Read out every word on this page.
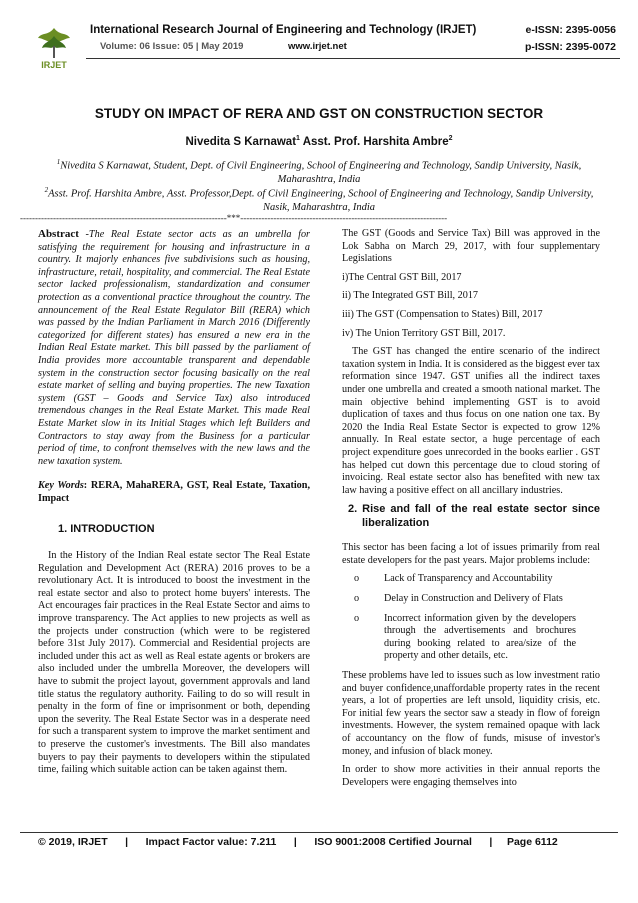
IRJET
International Research Journal of Engineering and Technology (IRJET)	e-ISSN: 2395-0056
Volume: 06 Issue: 05 | May 2019	www.irjet.net	p-ISSN: 2395-0072
STUDY ON IMPACT OF RERA AND GST ON CONSTRUCTION SECTOR
Nivedita S Karnawat$^1$ Asst. Prof. Harshita Ambre$^2$
$^1$Nivedita S Karnawat, Student, Dept. of Civil Engineering, School of Engineering and Technology, Sandip University, Nasik, Maharashtra, India
$^2$Asst. Prof. Harshita Ambre, Asst. Professor,Dept. of Civil Engineering, School of Engineering and Technology, Sandip University, Nasik, Maharashtra, India
---------------------------------------------------------------------***---------------------------------------------------------------------

Abstract -The Real Estate sector acts as an umbrella for satisfying the requirement for housing and infrastructure in a country. It majorly enhances five subdivisions such as housing, infrastructure, retail, hospitality, and commercial. The Real Estate sector lacked professionalism, standardization and consumer protection as a conventional practice throughout the country. The announcement of the Real Estate Regulator Bill (RERA) which was passed by the Indian Parliament in March 2016 (Differently categorized for different states) has ensured a new era in the Indian Real Estate market. This bill passed by the parliament of India provides more accountable transparent and dependable system in the construction sector focusing basically on the real estate market of selling and buying properties. The new Taxation system (GST – Goods and Service Tax) also introduced tremendous changes in the Real Estate Market. This made Real Estate Market slow in its Initial Stages which left Builders and Contractors to stay away from the Business for a particular period of time, to confront themselves with the new laws and the new taxation system.

Key Words: RERA, MahaRERA, GST, Real Estate, Taxation, Impact

1. INTRODUCTION

In the History of the Indian Real estate sector The Real Estate Regulation and Development Act (RERA) 2016 proves to be a revolutionary Act. It is introduced to boost the investment in the real estate sector and also to protect home buyers' interests. The Act encourages fair practices in the Real Estate Sector and aims to improve transparency. The Act applies to new projects as well as the projects under construction (which were to be registered before 31st July 2017). Commercial and Residential projects are included under this act as well as Real estate agents or brokers are also included under the umbrella Moreover, the developers will have to submit the project layout, government approvals and land title status the regulatory authority. Failing to do so will result in penalty in the form of fine or imprisonment or both, depending upon the severity. The Real Estate Sector was in a desperate need for such a transparent system to improve the market sentiment and to preserve the customer's investments. The Bill also mandates buyers to pay their payments to developers within the stipulated time, failing which suitable action can be taken against them.

The GST (Goods and Service Tax) Bill was approved in the Lok Sabha on March 29, 2017, with four supplementary Legislations

i)The Central GST Bill, 2017

ii) The Integrated GST Bill, 2017

iii) The GST (Compensation to States) Bill, 2017

iv) The Union Territory GST Bill, 2017.

The GST has changed the entire scenario of the indirect taxation system in India. It is considered as the biggest ever tax reformation since 1947. GST unifies all the indirect taxes under one umbrella and created a smooth national market. The main objective behind implementing GST is to avoid duplication of taxes and thus focus on one nation one tax. By 2020 the India Real Estate Sector is expected to grow 12% annually. In Real estate sector, a huge percentage of each project expenditure goes unrecorded in the books earlier . GST has helped cut down this percentage due to cloud storing of invoicing. Real estate sector also has benefited with new tax law having a positive effect on all ancillary industries.

2. Rise and fall of the real estate sector since liberalization

This sector has been facing a lot of issues primarily from real estate developers for the past years. Major problems include:

o	Lack of Transparency and Accountability
o	Delay in Construction and Delivery of Flats
o	Incorrect information given by the developers through the advertisements and brochures during booking related to area/size of the property and other details, etc.

These problems have led to issues such as low investment ratio and buyer confidence,unaffordable property rates in the recent years, a lot of properties are left unsold, liquidity crisis, etc. For initial few years the sector saw a steady in flow of foreign investments. However, the system remained opaque with lack of accountancy on the flow of funds, misuse of investor's money, and infusion of black money.

In order to show more activities in their annual reports the Developers were engaging themselves into

© 2019, IRJET | Impact Factor value: 7.211 | ISO 9001:2008 Certified Journal | Page 6112
